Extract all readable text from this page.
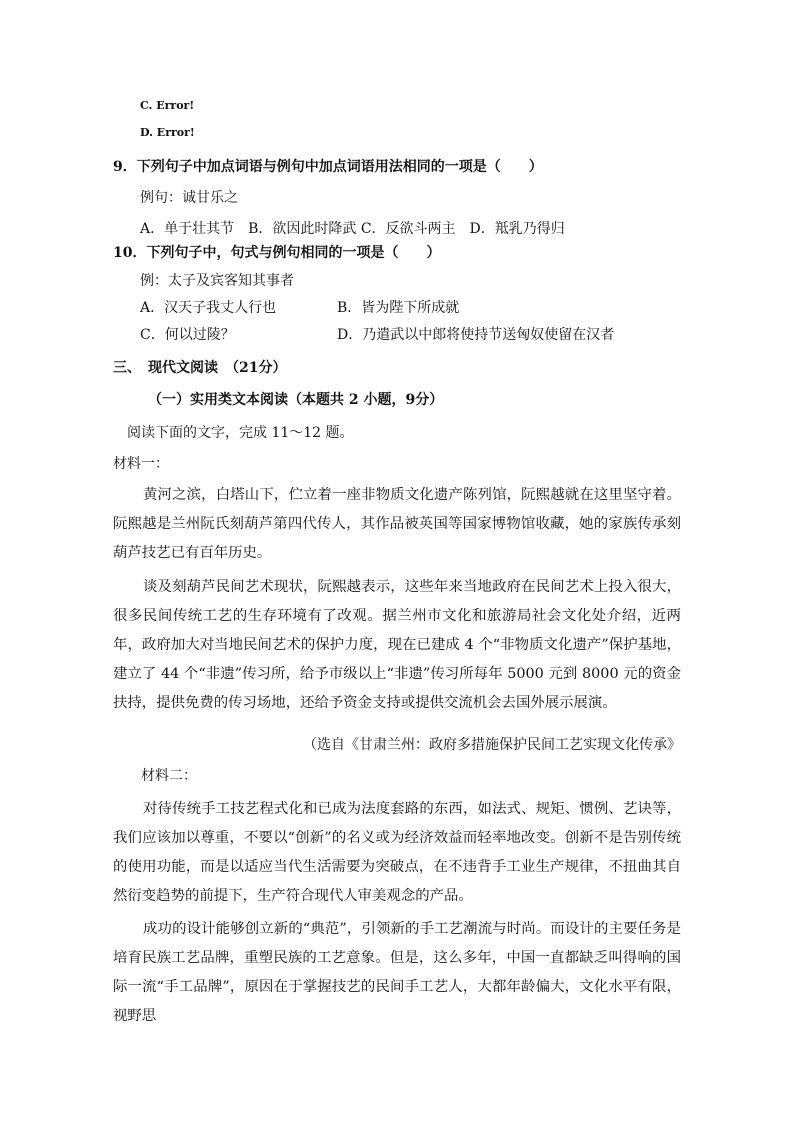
C. Error!
D. Error!
9．下列句子中加点词语与例句中加点词语用法相同的一项是（　　）
例句：诚甘乐之
A．单于壮其节　B．欲因此时降武 C．反欲斗两主　D．羝乳乃得归
10．下列句子中，句式与例句相同的一项是（　　）
例：太子及宾客知其事者
A．汉天子我丈人行也	B．皆为陛下所成就
C．何以过陵？	D．乃遣武以中郎将使持节送匈奴使留在汉者
三、　现代文阅读　（21分）
（一）实用类文本阅读（本题共 2 小题，9分）
阅读下面的文字，完成 11～12 题。
材料一：
黄河之滨，白塔山下，伫立着一座非物质文化遗产陈列馆，阮熙越就在这里坚守着。阮熙越是兰州阮氏刻葫芦第四代传人，其作品被英国等国家博物馆收藏，她的家族传承刻葫芦技艺已有百年历史。
谈及刻葫芦民间艺术现状，阮熙越表示，这些年来当地政府在民间艺术上投入很大，很多民间传统工艺的生存环境有了改观。据兰州市文化和旅游局社会文化处介绍，近两年，政府加大对当地民间艺术的保护力度，现在已建成 4 个“非物质文化遗产”保护基地，建立了 44 个“非遗”传习所，给予市级以上“非遗”传习所每年 5000 元到 8000 元的资金扶持，提供免费的传习场地，还给予资金支持或提供交流机会去国外展示展演。
（选自《甘肃兰州：政府多措施保护民间工艺实现文化传承》
材料二：
对待传统手工技艺程式化和已成为法度套路的东西，如法式、规矩、惯例、艺诀等，我们应该加以尊重，不要以“创新”的名义或为经济效益而轻率地改变。创新不是告别传统的使用功能，而是以适应当代生活需要为突破点，在不违背手工业生产规律，不扭曲其自然衍变趋势的前提下，生产符合现代人审美观念的产品。
成功的设计能够创立新的“典范”，引领新的手工艺潮流与时尚。而设计的主要任务是培育民族工艺品牌，重塑民族的工艺意象。但是，这么多年，中国一直都缺乏叫得响的国际一流“手工品牌”，原因在于掌握技艺的民间手工艺人，大都年龄偏大，文化水平有限，视野思
